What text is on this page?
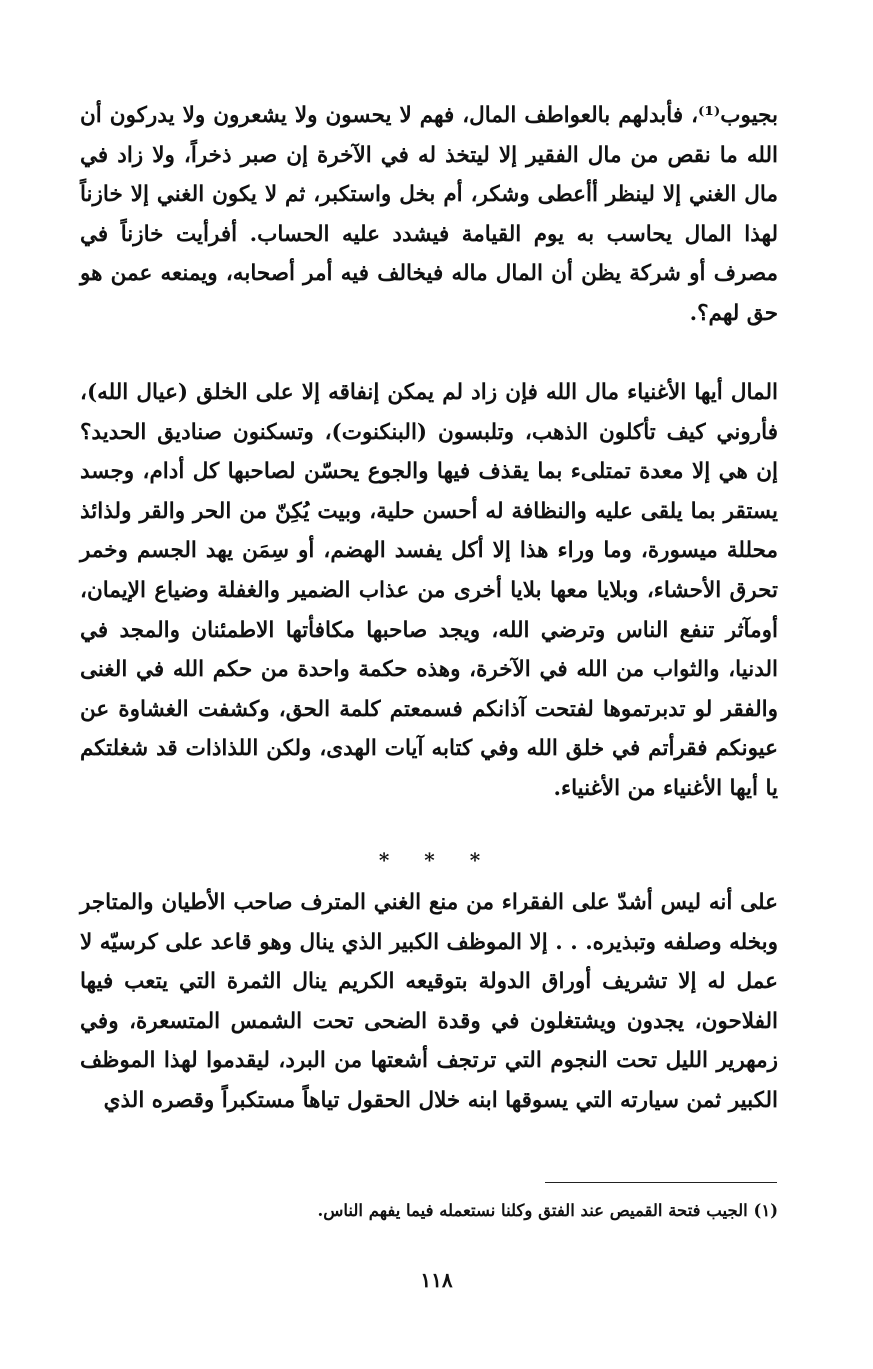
بجيوب⁽¹⁾، فأبدلهم بالعواطف المال، فهم لا يحسون ولا يشعرون ولا يدركون أن الله ما نقص من مال الفقير إلا ليتخذ له في الآخرة إن صبر ذخراً، ولا زاد في مال الغني إلا لينظر أأعطى وشكر، أم بخل واستكبر، ثم لا يكون الغني إلا خازناً لهذا المال يحاسب به يوم القيامة فيشدد عليه الحساب. أفرأيت خازناً في مصرف أو شركة يظن أن المال ماله فيخالف فيه أمر أصحابه، ويمنعه عمن هو حق لهم؟.
المال أيها الأغنياء مال الله فإن زاد لم يمكن إنفاقه إلا على الخلق (عيال الله)، فأروني كيف تأكلون الذهب، وتلبسون (البنكنوت)، وتسكنون صناديق الحديد؟ إن هي إلا معدة تمتلىء بما يقذف فيها والجوع يحسّن لصاحبها كل أدام، وجسد يستقر بما يلقى عليه والنظافة له أحسن حلية، وبيت يُكِنّ من الحر والقر ولذائذ محللة ميسورة، وما وراء هذا إلا أكل يفسد الهضم، أو سِمَن يهد الجسم وخمر تحرق الأحشاء، وبلايا معها بلايا أخرى من عذاب الضمير والغفلة وضياع الإيمان، أومآثر تنفع الناس وترضي الله، ويجد صاحبها مكافأتها الاطمئنان والمجد في الدنيا، والثواب من الله في الآخرة، وهذه حكمة واحدة من حكم الله في الغنى والفقر لو تدبرتموها لفتحت آذانكم فسمعتم كلمة الحق، وكشفت الغشاوة عن عيونكم فقرأتم في خلق الله وفي كتابه آيات الهدى، ولكن اللذاذات قد شغلتكم يا أيها الأغنياء من الأغنياء.
* * *
على أنه ليس أشدّ على الفقراء من منع الغني المترف صاحب الأطيان والمتاجر وبخله وصلفه وتبذيره. . . إلا الموظف الكبير الذي ينال وهو قاعد على كرسيّه لا عمل له إلا تشريف أوراق الدولة بتوقيعه الكريم ينال الثمرة التي يتعب فيها الفلاحون، يجدون ويشتغلون في وقدة الضحى تحت الشمس المتسعرة، وفي زمهرير الليل تحت النجوم التي ترتجف أشعتها من البرد، ليقدموا لهذا الموظف الكبير ثمن سيارته التي يسوقها ابنه خلال الحقول تياهاً مستكبراً وقصره الذي
(١) الجيب فتحة القميص عند الفتق وكلنا نستعمله فيما يفهم الناس.
١١٨
